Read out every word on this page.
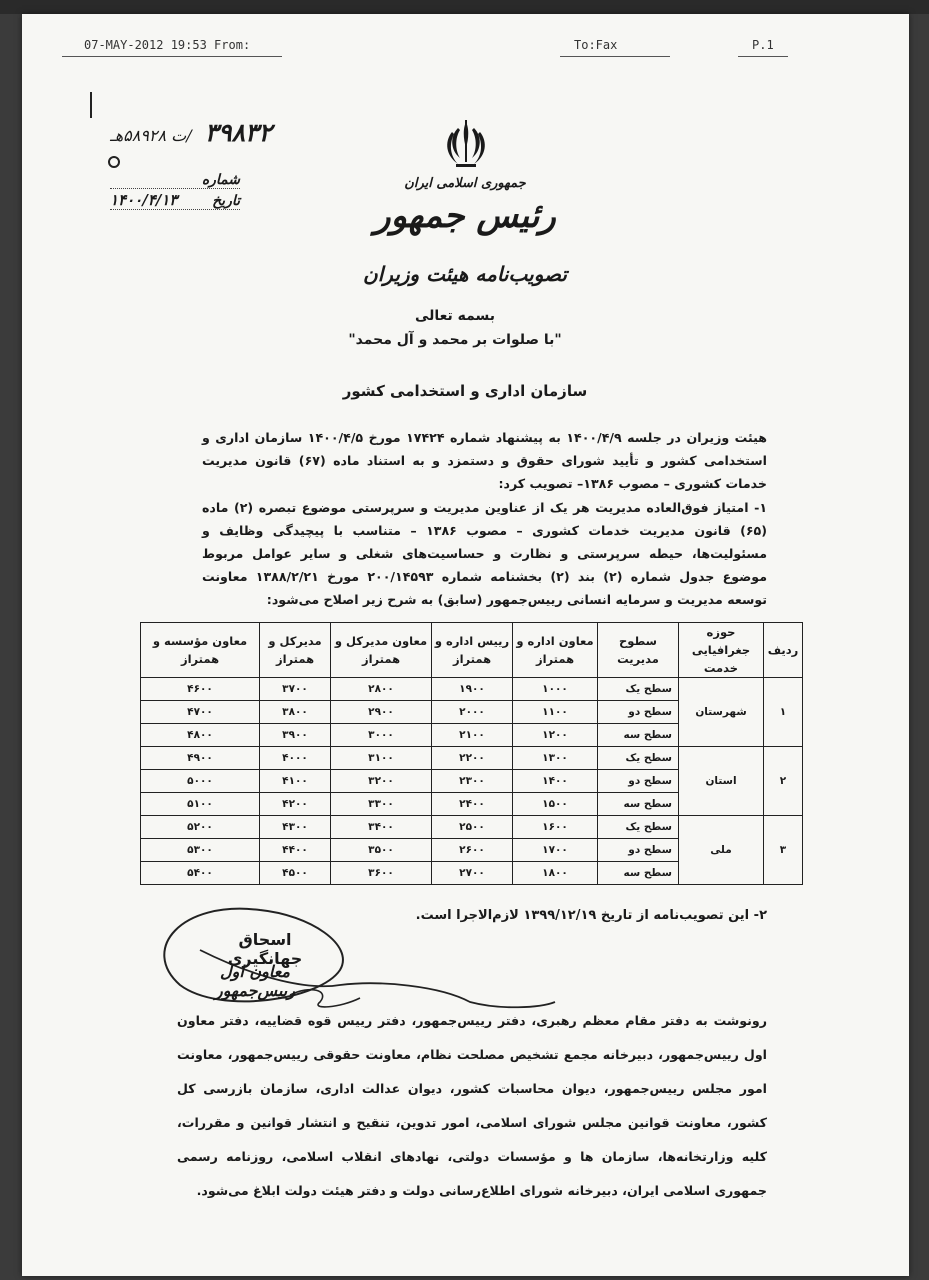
07-MAY-2012 19:53 From:	To:Fax	P.1
۳۹۸۳۲ /ت ۵۸۹۲۸هـ
شماره
تاریخ
۱۴۰۰/۴/۱۳
جمهوری اسلامی ایران
رئیس جمهور
تصویب‌نامه هیئت وزیران
بسمه تعالی
"با صلوات بر محمد و آل محمد"
سازمان اداری و استخدامی کشور
هیئت وزیران در جلسه ۱۴۰۰/۴/۹ به پیشنهاد شماره ۱۷۴۲۴ مورخ ۱۴۰۰/۴/۵ سازمان اداری و استخدامی کشور و تأیید شورای حقوق و دستمزد و به استناد ماده (۶۷) قانون مدیریت خدمات کشوری – مصوب ۱۳۸۶– تصویب کرد:
۱- امتیاز فوق‌العاده مدیریت هر یک از عناوین مدیریت و سرپرستی موضوع تبصره (۲) ماده (۶۵) قانون مدیریت خدمات کشوری – مصوب ۱۳۸۶ – متناسب با پیچیدگی وظایف و مسئولیت‌ها، حیطه سرپرستی و نظارت و حساسیت‌های شغلی و سایر عوامل مربوط موضوع جدول شماره (۲) بند (۲) بخشنامه شماره ۲۰۰/۱۴۵۹۳ مورخ ۱۳۸۸/۲/۲۱ معاونت توسعه مدیریت و سرمایه انسانی رییس‌جمهور (سابق) به شرح زیر اصلاح می‌شود:
ردیف	حوزه جغرافیایی خدمت	سطوح مدیریت	معاون اداره و همتراز	رییس اداره و همتراز	معاون مدیرکل و همتراز	مدیرکل و همتراز	معاون مؤسسه و همتراز
۱	شهرستان	سطح یک	۱۰۰۰	۱۹۰۰	۲۸۰۰	۳۷۰۰	۴۶۰۰
		سطح دو	۱۱۰۰	۲۰۰۰	۲۹۰۰	۳۸۰۰	۴۷۰۰
		سطح سه	۱۲۰۰	۲۱۰۰	۳۰۰۰	۳۹۰۰	۴۸۰۰
۲	استان	سطح یک	۱۳۰۰	۲۲۰۰	۳۱۰۰	۴۰۰۰	۴۹۰۰
		سطح دو	۱۴۰۰	۲۳۰۰	۳۲۰۰	۴۱۰۰	۵۰۰۰
		سطح سه	۱۵۰۰	۲۴۰۰	۳۳۰۰	۴۲۰۰	۵۱۰۰
۳	ملی	سطح یک	۱۶۰۰	۲۵۰۰	۳۴۰۰	۴۳۰۰	۵۲۰۰
		سطح دو	۱۷۰۰	۲۶۰۰	۳۵۰۰	۴۴۰۰	۵۳۰۰
		سطح سه	۱۸۰۰	۲۷۰۰	۳۶۰۰	۴۵۰۰	۵۴۰۰
۲- این تصویب‌نامه از تاریخ ۱۳۹۹/۱۲/۱۹ لازم‌الاجرا است.
اسحاق جهانگیری
معاون اول رییس‌جمهور
رونوشت به دفتر مقام معظم رهبری، دفتر رییس‌جمهور، دفتر رییس قوه قضاییه، دفتر معاون اول رییس‌جمهور، دبیرخانه مجمع تشخیص مصلحت نظام، معاونت حقوقی رییس‌جمهور، معاونت امور مجلس رییس‌جمهور، دیوان محاسبات کشور، دیوان عدالت اداری، سازمان بازرسی کل کشور، معاونت قوانین مجلس شورای اسلامی، امور تدوین، تنقیح و انتشار قوانین و مقررات، کلیه وزارتخانه‌ها، سازمان ها و مؤسسات دولتی، نهادهای انقلاب اسلامی، روزنامه رسمی جمهوری اسلامی ایران، دبیرخانه شورای اطلاع‌رسانی دولت و دفتر هیئت دولت ابلاغ می‌شود.
